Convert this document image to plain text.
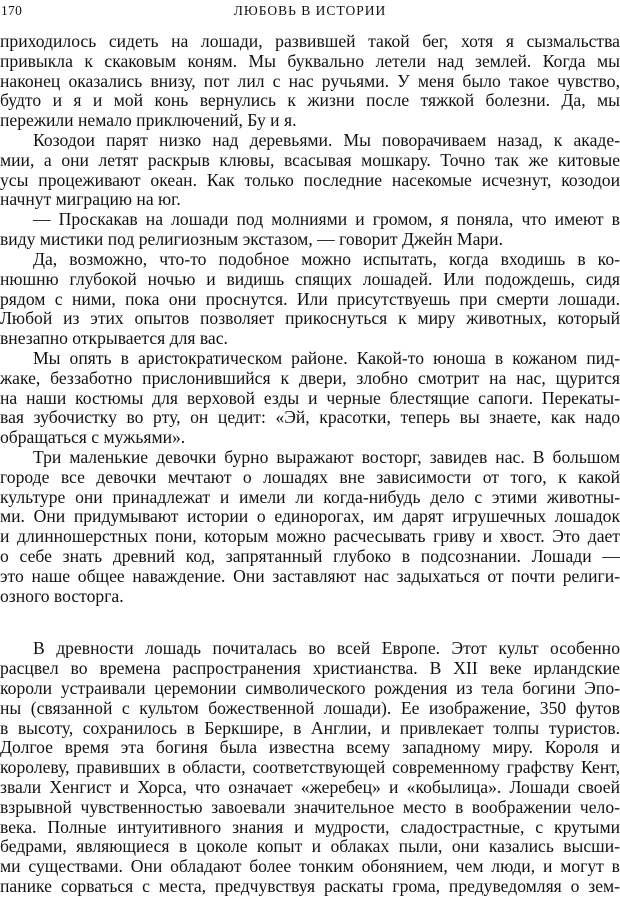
170	ЛЮБОВЬ В ИСТОРИИ
приходилось сидеть на лошади, развившей такой бег, хотя я сызмальства
привыкла к скаковым коням. Мы буквально летели над землей. Когда мы
наконец оказались внизу, пот лил с нас ручьями. У меня было такое чувство,
будто и я и мой конь вернулись к жизни после тяжкой болезни. Да, мы
пережили немало приключений, Бу и я.
Козодои парят низко над деревьями. Мы поворачиваем назад, к акаде-
мии, а они летят раскрыв клювы, всасывая мошкару. Точно так же китовые
усы процеживают океан. Как только последние насекомые исчезнут, козодои
начнут миграцию на юг.
— Проскакав на лошади под молниями и громом, я поняла, что имеют в
виду мистики под религиозным экстазом, — говорит Джейн Мари.
Да, возможно, что-то подобное можно испытать, когда входишь в ко-
нюшню глубокой ночью и видишь спящих лошадей. Или подождешь, сидя
рядом с ними, пока они проснутся. Или присутствуешь при смерти лошади.
Любой из этих опытов позволяет прикоснуться к миру животных, который
внезапно открывается для вас.
Мы опять в аристократическом районе. Какой-то юноша в кожаном пид-
жаке, беззаботно прислонившийся к двери, злобно смотрит на нас, щурится
на наши костюмы для верховой езды и черные блестящие сапоги. Перекаты-
вая зубочистку во рту, он цедит: «Эй, красотки, теперь вы знаете, как надо
обращаться с мужьями».
Три маленькие девочки бурно выражают восторг, завидев нас. В большом
городе все девочки мечтают о лошадях вне зависимости от того, к какой
культуре они принадлежат и имели ли когда-нибудь дело с этими животны-
ми. Они придумывают истории о единорогах, им дарят игрушечных лошадок
и длинношерстных пони, которым можно расчесывать гриву и хвост. Это дает
о себе знать древний код, запрятанный глубоко в подсознании. Лошади —
это наше общее наваждение. Они заставляют нас задыхаться от почти религи-
озного восторга.
В древности лошадь почиталась во всей Европе. Этот культ особенно
расцвел во времена распространения христианства. В XII веке ирландские
короли устраивали церемонии символического рождения из тела богини Эпо-
ны (связанной с культом божественной лошади). Ее изображение, 350 футов
в высоту, сохранилось в Беркшире, в Англии, и привлекает толпы туристов.
Долгое время эта богиня была известна всему западному миру. Короля и
королеву, правивших в области, соответствующей современному графству Кент,
звали Хенгист и Хорса, что означает «жеребец» и «кобылица». Лошади своей
взрывной чувственностью завоевали значительное место в воображении чело-
века. Полные интуитивного знания и мудрости, сладострастные, с крутыми
бедрами, являющиеся в цоколе копыт и облаках пыли, они казались высши-
ми существами. Они обладают более тонким обонянием, чем люди, и могут в
панике сорваться с места, предчувствуя раскаты грома, предуведомляя о зем-
